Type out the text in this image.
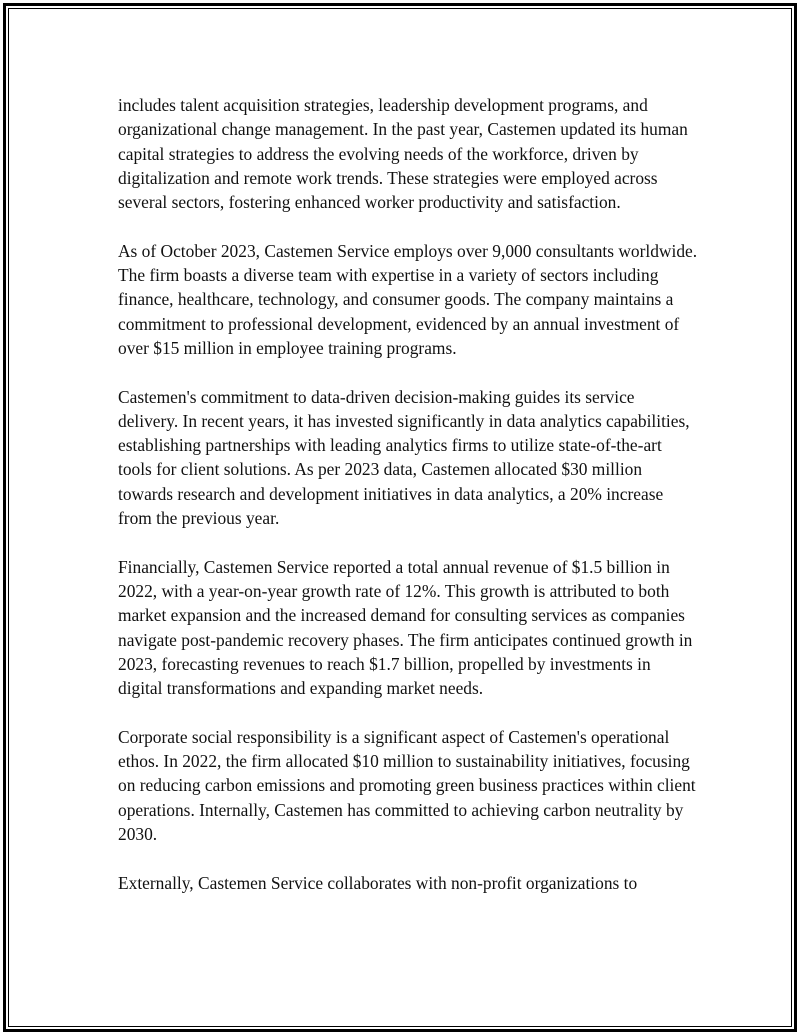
includes talent acquisition strategies, leadership development programs, and organizational change management. In the past year, Castemen updated its human capital strategies to address the evolving needs of the workforce, driven by digitalization and remote work trends. These strategies were employed across several sectors, fostering enhanced worker productivity and satisfaction.

As of October 2023, Castemen Service employs over 9,000 consultants worldwide. The firm boasts a diverse team with expertise in a variety of sectors including finance, healthcare, technology, and consumer goods. The company maintains a commitment to professional development, evidenced by an annual investment of over $15 million in employee training programs.

Castemen's commitment to data-driven decision-making guides its service delivery. In recent years, it has invested significantly in data analytics capabilities, establishing partnerships with leading analytics firms to utilize state-of-the-art tools for client solutions. As per 2023 data, Castemen allocated $30 million towards research and development initiatives in data analytics, a 20% increase from the previous year.

Financially, Castemen Service reported a total annual revenue of $1.5 billion in 2022, with a year-on-year growth rate of 12%. This growth is attributed to both market expansion and the increased demand for consulting services as companies navigate post-pandemic recovery phases. The firm anticipates continued growth in 2023, forecasting revenues to reach $1.7 billion, propelled by investments in digital transformations and expanding market needs.

Corporate social responsibility is a significant aspect of Castemen's operational ethos. In 2022, the firm allocated $10 million to sustainability initiatives, focusing on reducing carbon emissions and promoting green business practices within client operations. Internally, Castemen has committed to achieving carbon neutrality by 2030.

Externally, Castemen Service collaborates with non-profit organizations to
